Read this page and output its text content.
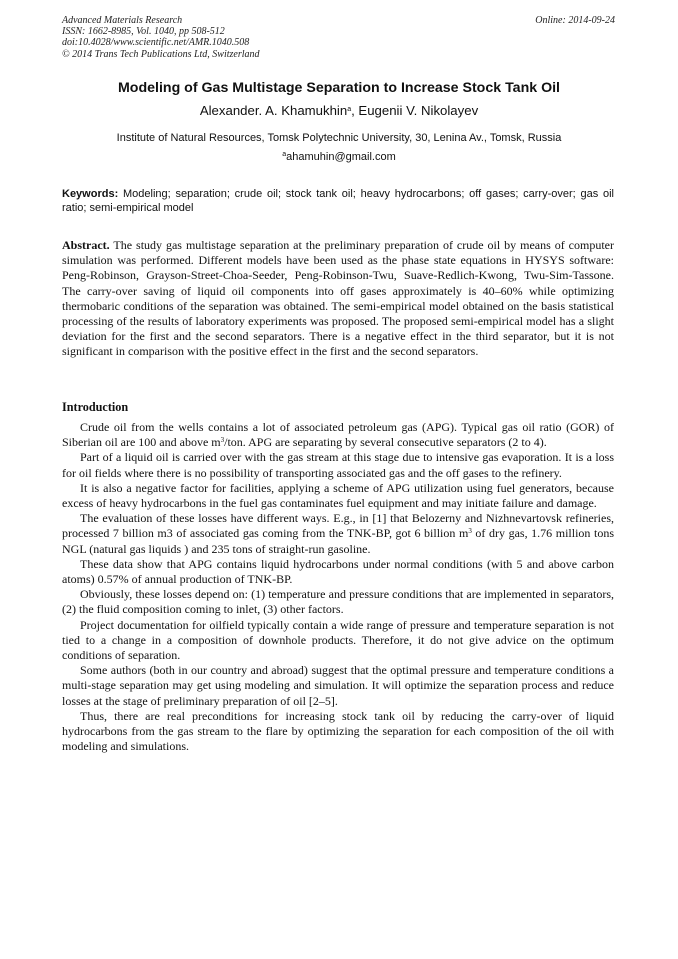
Advanced Materials Research
ISSN: 1662-8985, Vol. 1040, pp 508-512
doi:10.4028/www.scientific.net/AMR.1040.508
© 2014 Trans Tech Publications Ltd, Switzerland
Online: 2014-09-24
Modeling of Gas Multistage Separation to Increase Stock Tank Oil
Alexander. A. Khamukhin$^a$, Eugenii V. Nikolayev
Institute of Natural Resources, Tomsk Polytechnic University, 30, Lenina Av., Tomsk, Russia
$^a$ahamuhin@gmail.com
Keywords: Modeling; separation; crude oil; stock tank oil; heavy hydrocarbons; off gases; carry-over; gas oil ratio; semi-empirical model
Abstract. The study gas multistage separation at the preliminary preparation of crude oil by means of computer simulation was performed. Different models have been used as the phase state equations in HYSYS software: Peng-Robinson, Grayson-Street-Choa-Seeder, Peng-Robinson-Twu, Suave-Redlich-Kwong, Twu-Sim-Tassone. The carry-over saving of liquid oil components into off gases approximately is 40–60% while optimizing thermobaric conditions of the separation was obtained. The semi-empirical model obtained on the basis statistical processing of the results of laboratory experiments was proposed. The proposed semi-empirical model has a slight deviation for the first and the second separators. There is a negative effect in the third separator, but it is not significant in comparison with the positive effect in the first and the second separators.
Introduction

Crude oil from the wells contains a lot of associated petroleum gas (APG). Typical gas oil ratio (GOR) of Siberian oil are 100 and above $m^3$/ton. APG are separating by several consecutive separators (2 to 4).

Part of a liquid oil is carried over with the gas stream at this stage due to intensive gas evaporation. It is a loss for oil fields where there is no possibility of transporting associated gas and the off gases to the refinery.

It is also a negative factor for facilities, applying a scheme of APG utilization using fuel generators, because excess of heavy hydrocarbons in the fuel gas contaminates fuel equipment and may initiate failure and damage.

The evaluation of these losses have different ways. E.g., in [1] that Belozerny and Nizhnevartovsk refineries, processed 7 billion m3 of associated gas coming from the TNK-BP, got 6 billion $m^3$ of dry gas, 1.76 million tons NGL (natural gas liquids ) and 235 tons of straight-run gasoline.

These data show that APG contains liquid hydrocarbons under normal conditions (with 5 and above carbon atoms) 0.57% of annual production of TNK-BP.

Obviously, these losses depend on: (1) temperature and pressure conditions that are implemented in separators, (2) the fluid composition coming to inlet, (3) other factors.

Project documentation for oilfield typically contain a wide range of pressure and temperature separation is not tied to a change in a composition of downhole products. Therefore, it do not give advice on the optimum conditions of separation.

Some authors (both in our country and abroad) suggest that the optimal pressure and temperature conditions a multi-stage separation may get using modeling and simulation. It will optimize the separation process and reduce losses at the stage of preliminary preparation of oil [2–5].

Thus, there are real preconditions for increasing stock tank oil by reducing the carry-over of liquid hydrocarbons from the gas stream to the flare by optimizing the separation for each composition of the oil with modeling and simulations.
